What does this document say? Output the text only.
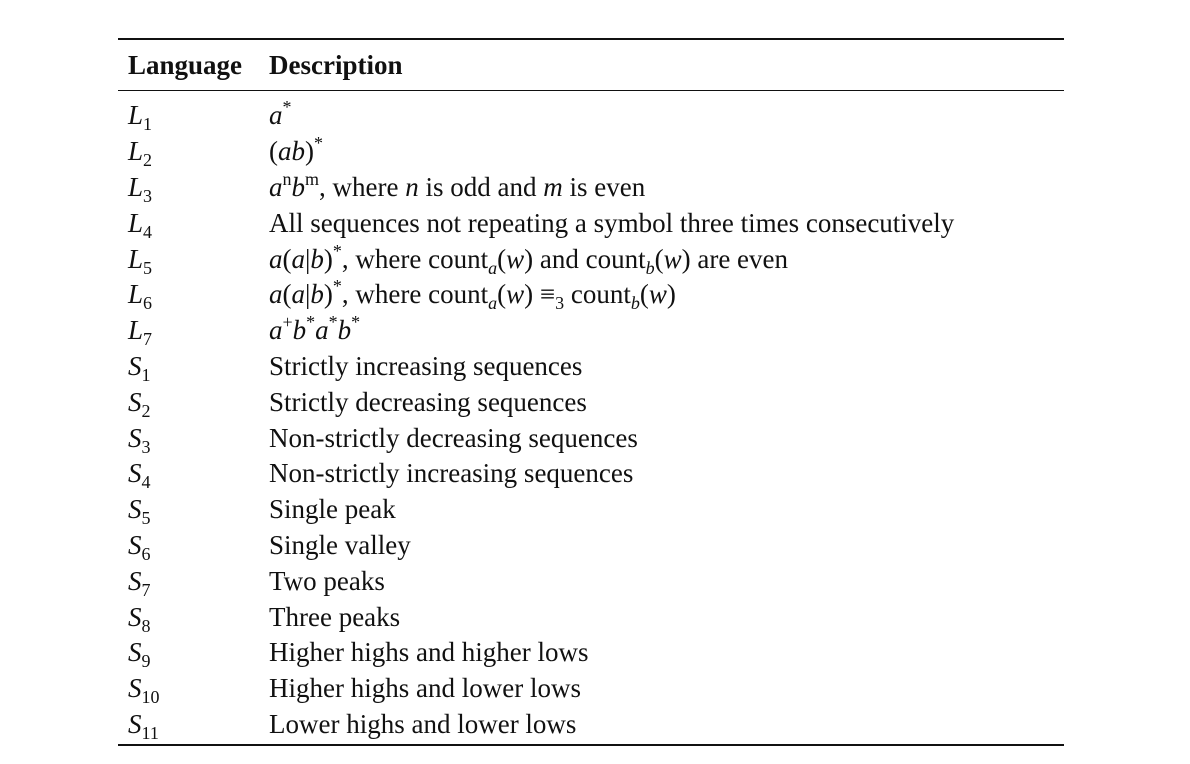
Language Description
$L_1$	a*
$L_2$	(ab)*
$L_3$	$a^nb^m$, where n is odd and m is even
$L_4$	All sequences not repeating a symbol three times consecutively
$L_5$	a(a|b)*, where count$_a$(w) and count$_b$(w) are even
$L_6$	a(a|b)*, where count$_a$(w) $\equiv_3$ count$_b$(w)
$L_7$	a+b*a*b*
$S_1$	Strictly increasing sequences
$S_2$	Strictly decreasing sequences
$S_3$	Non-strictly decreasing sequences
$S_4$	Non-strictly increasing sequences
$S_5$	Single peak
$S_6$	Single valley
$S_7$	Two peaks
$S_8$	Three peaks
$S_9$	Higher highs and higher lows
$S_{10}$	Higher highs and lower lows
$S_{11}$	Lower highs and lower lows
